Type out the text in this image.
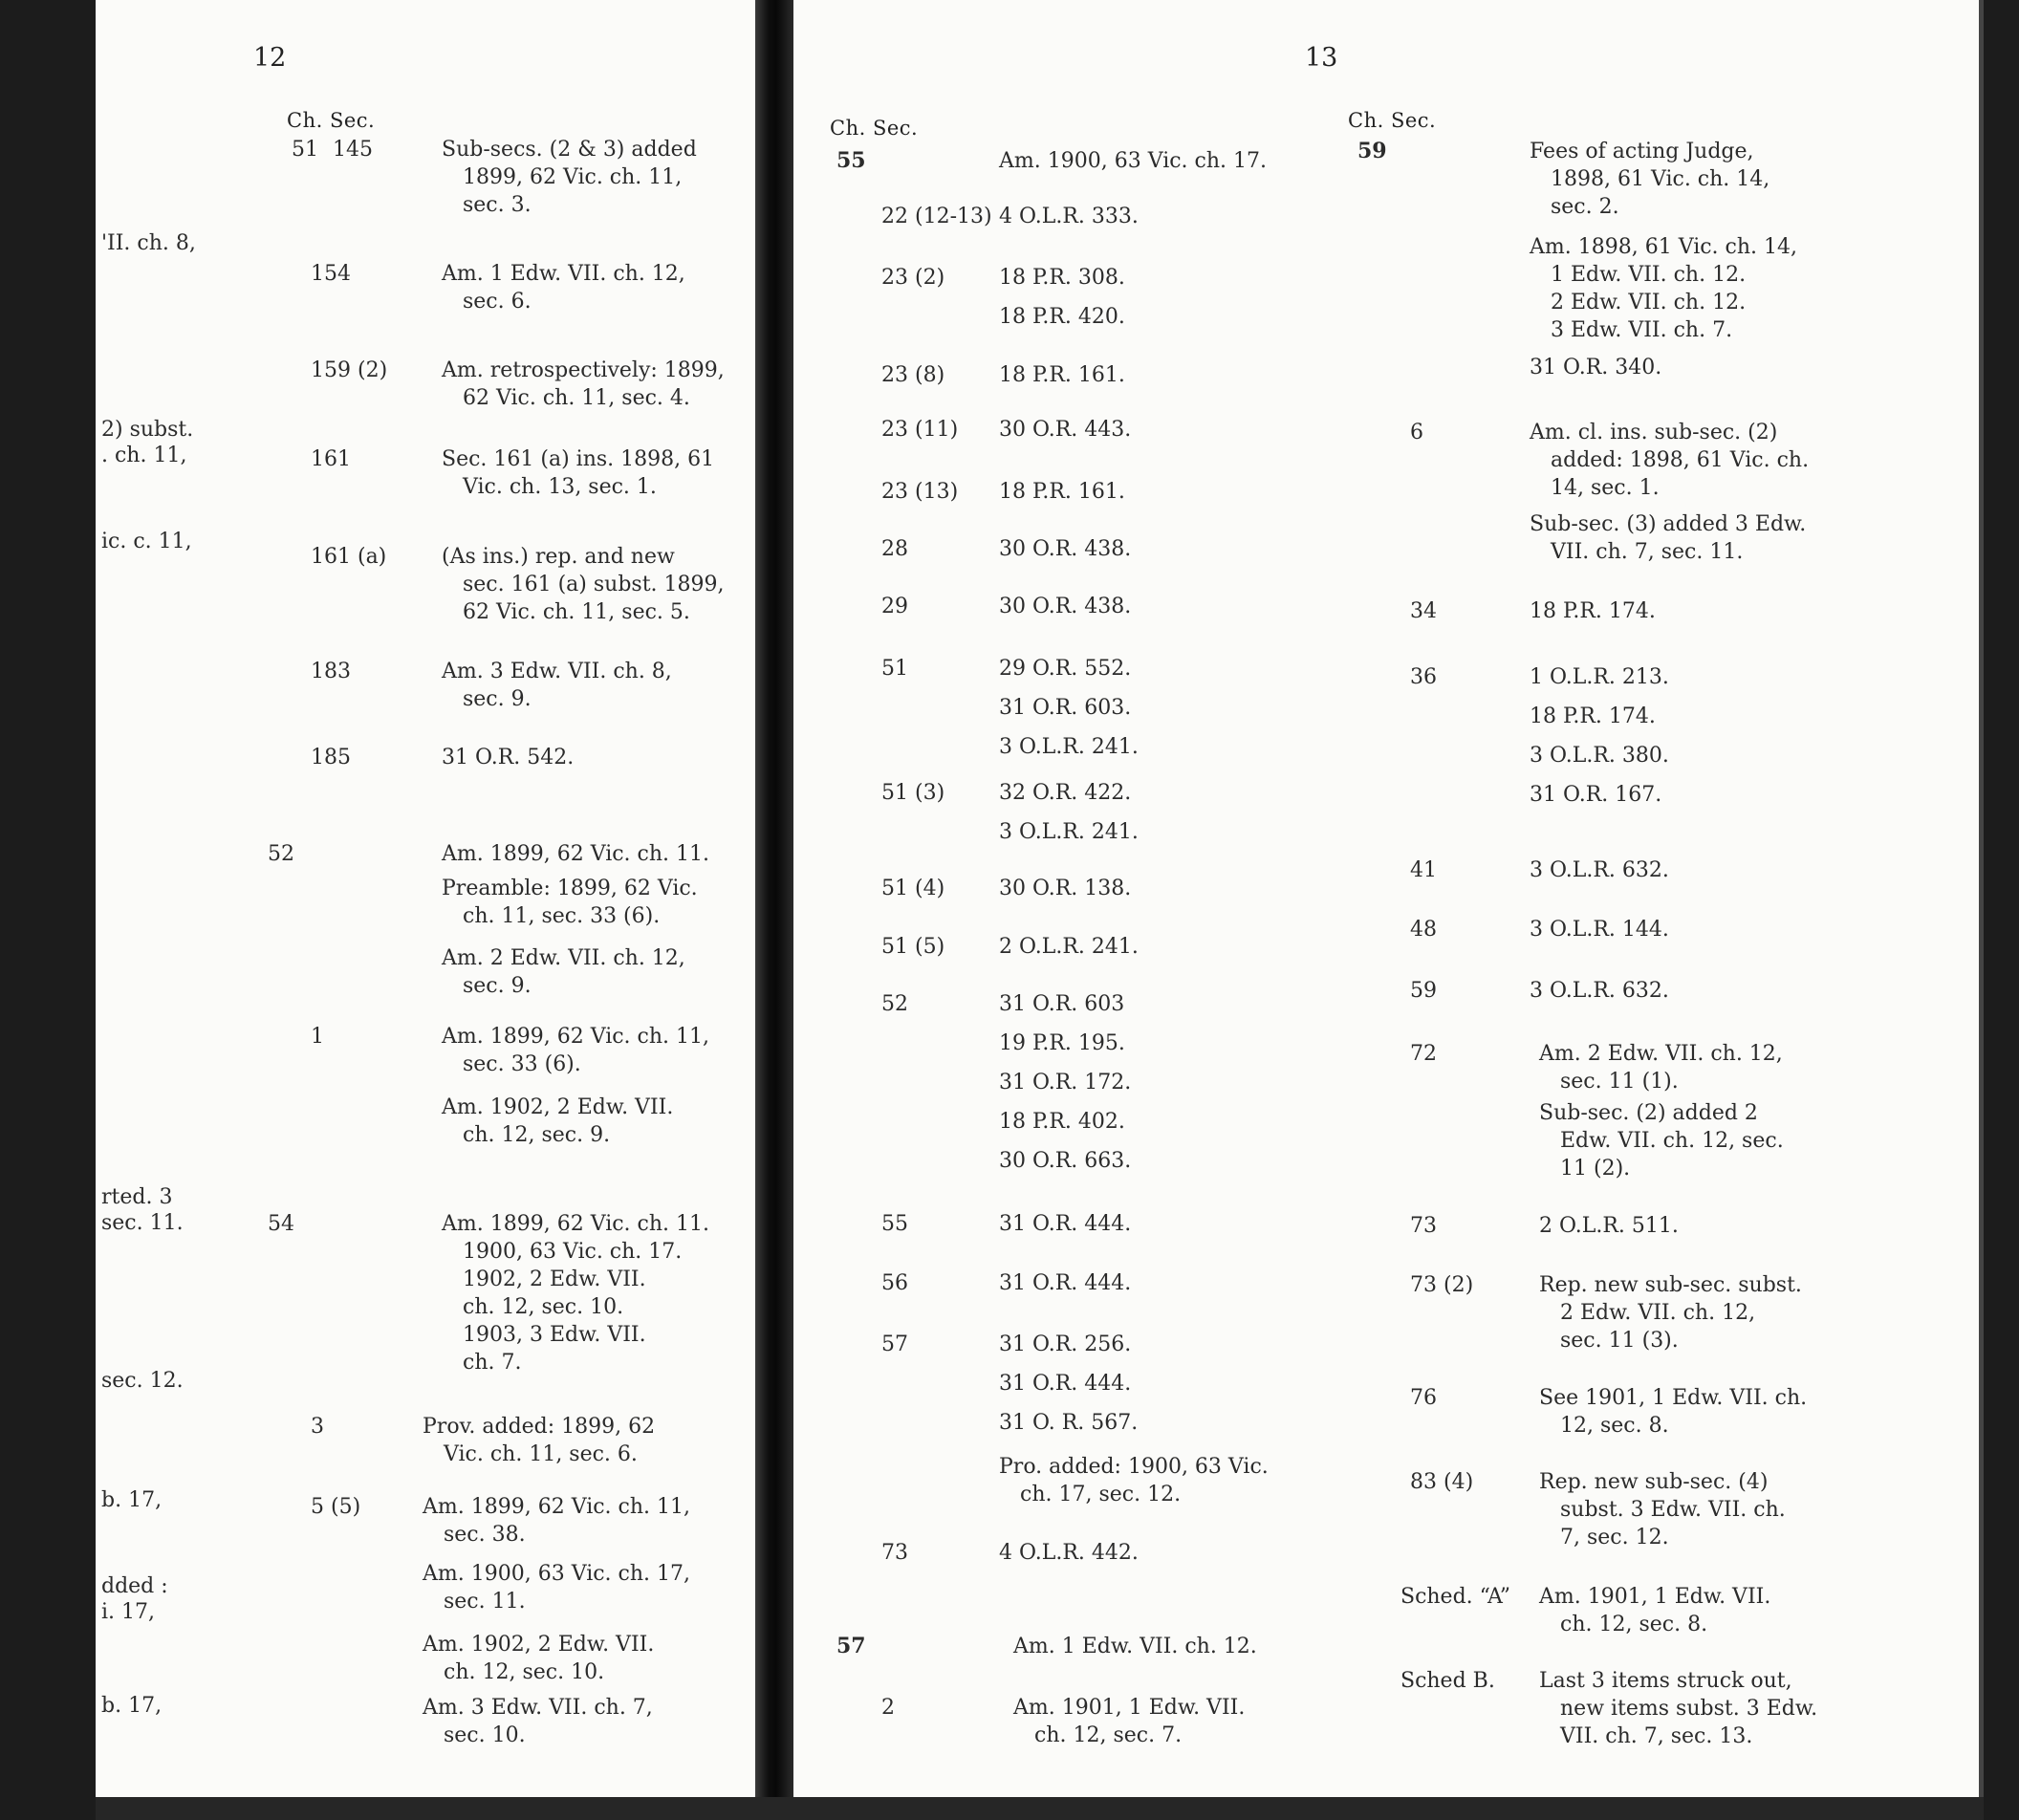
12
Ch. Sec.
'II. ch. 8,
2) subst.
. ch. 11,
ic. c. 11,
rted. 3
sec. 11.
sec. 12.
b. 17,
dded :
i. 17,
b. 17,
51 145	Sub-secs. (2 & 3) added
1899, 62 Vic. ch. 11,
sec. 3.
154	Am. 1 Edw. VII. ch. 12,
sec. 6.
159 (2)	Am. retrospectively: 1899,
62 Vic. ch. 11, sec. 4.
161	Sec. 161 (a) ins. 1898, 61
Vic. ch. 13, sec. 1.
161 (a)	(As ins.) rep. and new
sec. 161 (a) subst. 1899,
62 Vic. ch. 11, sec. 5.
183	Am. 3 Edw. VII. ch. 8,
sec. 9.
185	31 O.R. 542.
52	Am. 1899, 62 Vic. ch. 11.
Preamble: 1899, 62 Vic.
ch. 11, sec. 33 (6).
Am. 2 Edw. VII. ch. 12,
sec. 9.
1	Am. 1899, 62 Vic. ch. 11,
sec. 33 (6).
Am. 1902, 2 Edw. VII.
ch. 12, sec. 9.
54	Am. 1899, 62 Vic. ch. 11.
1900, 63 Vic. ch. 17.
1902, 2 Edw. VII.
ch. 12, sec. 10.
1903, 3 Edw. VII.
ch. 7.
3	Prov. added: 1899, 62
Vic. ch. 11, sec. 6.
5 (5)	Am. 1899, 62 Vic. ch. 11,
sec. 38.
Am. 1900, 63 Vic. ch. 17,
sec. 11.
Am. 1902, 2 Edw. VII.
ch. 12, sec. 10.
Am. 3 Edw. VII. ch. 7,
sec. 10.
13
Ch. Sec.	Ch. Sec.
55	Am. 1900, 63 Vic. ch. 17.
22 (12-13) 4 O.L.R. 333.
23 (2)	18 P.R. 308.
18 P.R. 420.
23 (8)	18 P.R. 161.
23 (11) 30 O.R. 443.
23 (13) 18 P.R. 161.
28	30 O.R. 438.
29	30 O.R. 438.
51	29 O.R. 552.
31 O.R. 603.
3 O.L.R. 241.
51 (3)	32 O.R. 422.
3 O.L.R. 241.
51 (4)	30 O.R. 138.
51 (5)	2 O.L.R. 241.
52	31 O.R. 603
19 P.R. 195.
31 O.R. 172.
18 P.R. 402.
30 O.R. 663.
55	31 O.R. 444.
56	31 O.R. 444.
57	31 O.R. 256.
31 O.R. 444.
31 O. R. 567.
Pro. added: 1900, 63 Vic.
ch. 17, sec. 12.
73	4 O.L.R. 442.
57	Am. 1 Edw. VII. ch. 12.
2	Am. 1901, 1 Edw. VII.
ch. 12, sec. 7.
59	Fees of acting Judge,
1898, 61 Vic. ch. 14,
sec. 2.
Am. 1898, 61 Vic. ch. 14,
1 Edw. VII. ch. 12.
2 Edw. VII. ch. 12.
3 Edw. VII. ch. 7.
31 O.R. 340.
6	Am. cl. ins. sub-sec. (2)
added: 1898, 61 Vic. ch.
14, sec. 1.
Sub-sec. (3) added 3 Edw.
VII. ch. 7, sec. 11.
34	18 P.R. 174.
36	1 O.L.R. 213.
18 P.R. 174.
3 O.L.R. 380.
31 O.R. 167.
41	3 O.L.R. 632.
48	3 O.L.R. 144.
59	3 O.L.R. 632.
72	Am. 2 Edw. VII. ch. 12,
sec. 11 (1).
Sub-sec. (2) added 2
Edw. VII. ch. 12, sec.
11 (2).
73	2 O.L.R. 511.
73 (2)	Rep. new sub-sec. subst.
2 Edw. VII. ch. 12,
sec. 11 (3).
76	See 1901, 1 Edw. VII. ch.
12, sec. 8.
83 (4)	Rep. new sub-sec. (4)
subst. 3 Edw. VII. ch.
7, sec. 12.
Sched. “A” Am. 1901, 1 Edw. VII.
ch. 12, sec. 8.
Sched B. Last 3 items struck out,
new items subst. 3 Edw.
VII. ch. 7, sec. 13.
